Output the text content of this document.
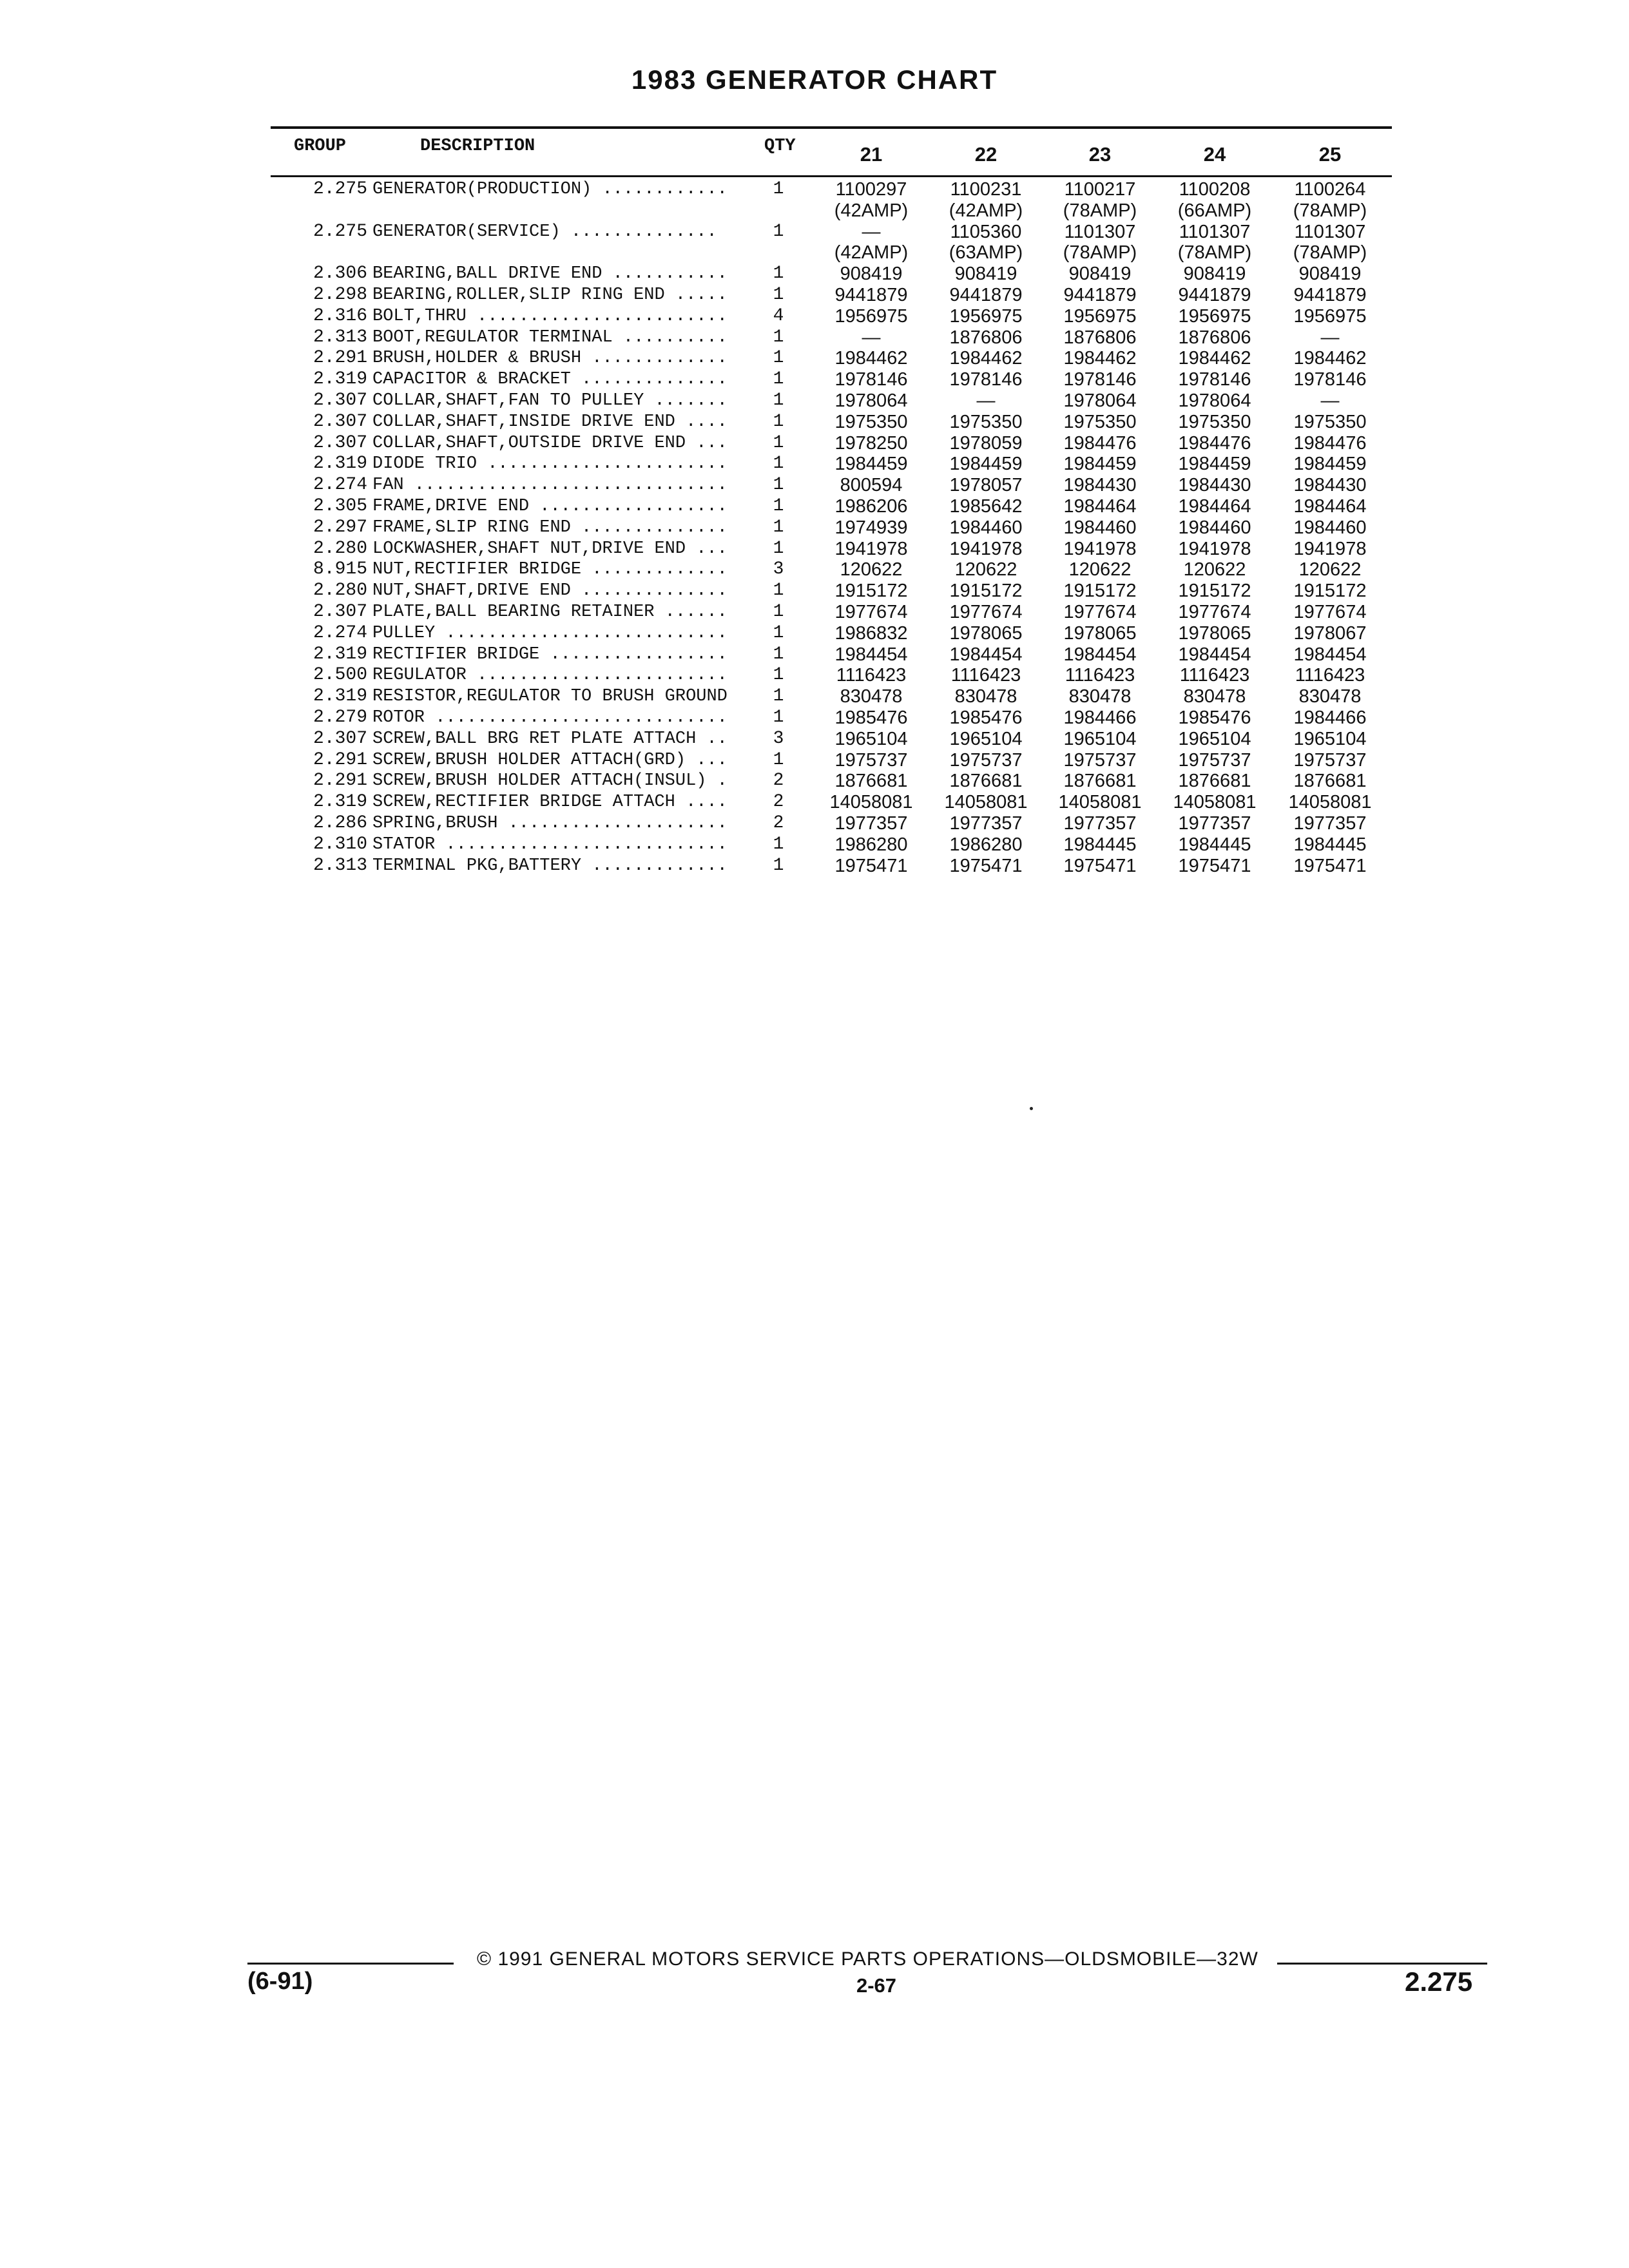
1983 GENERATOR CHART
GROUP	DESCRIPTION	QTY	21	22	23	24	25
2.275 GENERATOR(PRODUCTION) ............	1	1100297	1100231	1100217	1100208	1100264
(42AMP)	(42AMP)	(78AMP)	(66AMP)	(78AMP)
2.275 GENERATOR(SERVICE) ..............	1	—	1105360	1101307	1101307	1101307
(42AMP)	(63AMP)	(78AMP)	(78AMP)	(78AMP)
2.306 BEARING,BALL DRIVE END ...........	1	908419	908419	908419	908419	908419
2.298 BEARING,ROLLER,SLIP RING END .....	1	9441879	9441879	9441879	9441879	9441879
2.316 BOLT,THRU ........................	4	1956975	1956975	1956975	1956975	1956975
2.313 BOOT,REGULATOR TERMINAL ..........	1	—	1876806	1876806	1876806	—
2.291 BRUSH,HOLDER & BRUSH .............	1	1984462	1984462	1984462	1984462	1984462
2.319 CAPACITOR & BRACKET ..............	1	1978146	1978146	1978146	1978146	1978146
2.307 COLLAR,SHAFT,FAN TO PULLEY .......	1	1978064	—	1978064	1978064	—
2.307 COLLAR,SHAFT,INSIDE DRIVE END ....	1	1975350	1975350	1975350	1975350	1975350
2.307 COLLAR,SHAFT,OUTSIDE DRIVE END ...	1	1978250	1978059	1984476	1984476	1984476
2.319 DIODE TRIO .......................	1	1984459	1984459	1984459	1984459	1984459
2.274 FAN ..............................	1	800594	1978057	1984430	1984430	1984430
2.305 FRAME,DRIVE END ..................	1	1986206	1985642	1984464	1984464	1984464
2.297 FRAME,SLIP RING END ..............	1	1974939	1984460	1984460	1984460	1984460
2.280 LOCKWASHER,SHAFT NUT,DRIVE END ...	1	1941978	1941978	1941978	1941978	1941978
8.915 NUT,RECTIFIER BRIDGE .............	3	120622	120622	120622	120622	120622
2.280 NUT,SHAFT,DRIVE END ..............	1	1915172	1915172	1915172	1915172	1915172
2.307 PLATE,BALL BEARING RETAINER ......	1	1977674	1977674	1977674	1977674	1977674
2.274 PULLEY ...........................	1	1986832	1978065	1978065	1978065	1978067
2.319 RECTIFIER BRIDGE .................	1	1984454	1984454	1984454	1984454	1984454
2.500 REGULATOR ........................	1	1116423	1116423	1116423	1116423	1116423
2.319 RESISTOR,REGULATOR TO BRUSH GROUND	1	830478	830478	830478	830478	830478
2.279 ROTOR ............................	1	1985476	1985476	1984466	1985476	1984466
2.307 SCREW,BALL BRG RET PLATE ATTACH ..	3	1965104	1965104	1965104	1965104	1965104
2.291 SCREW,BRUSH HOLDER ATTACH(GRD) ...	1	1975737	1975737	1975737	1975737	1975737
2.291 SCREW,BRUSH HOLDER ATTACH(INSUL) .	2	1876681	1876681	1876681	1876681	1876681
2.319 SCREW,RECTIFIER BRIDGE ATTACH ....	2	14058081	14058081	14058081	14058081	14058081
2.286 SPRING,BRUSH .....................	2	1977357	1977357	1977357	1977357	1977357
2.310 STATOR ...........................	1	1986280	1986280	1984445	1984445	1984445
2.313 TERMINAL PKG,BATTERY .............	1	1975471	1975471	1975471	1975471	1975471
(6-91)
© 1991 GENERAL MOTORS SERVICE PARTS OPERATIONS—OLDSMOBILE—32W
2-67	2.275
